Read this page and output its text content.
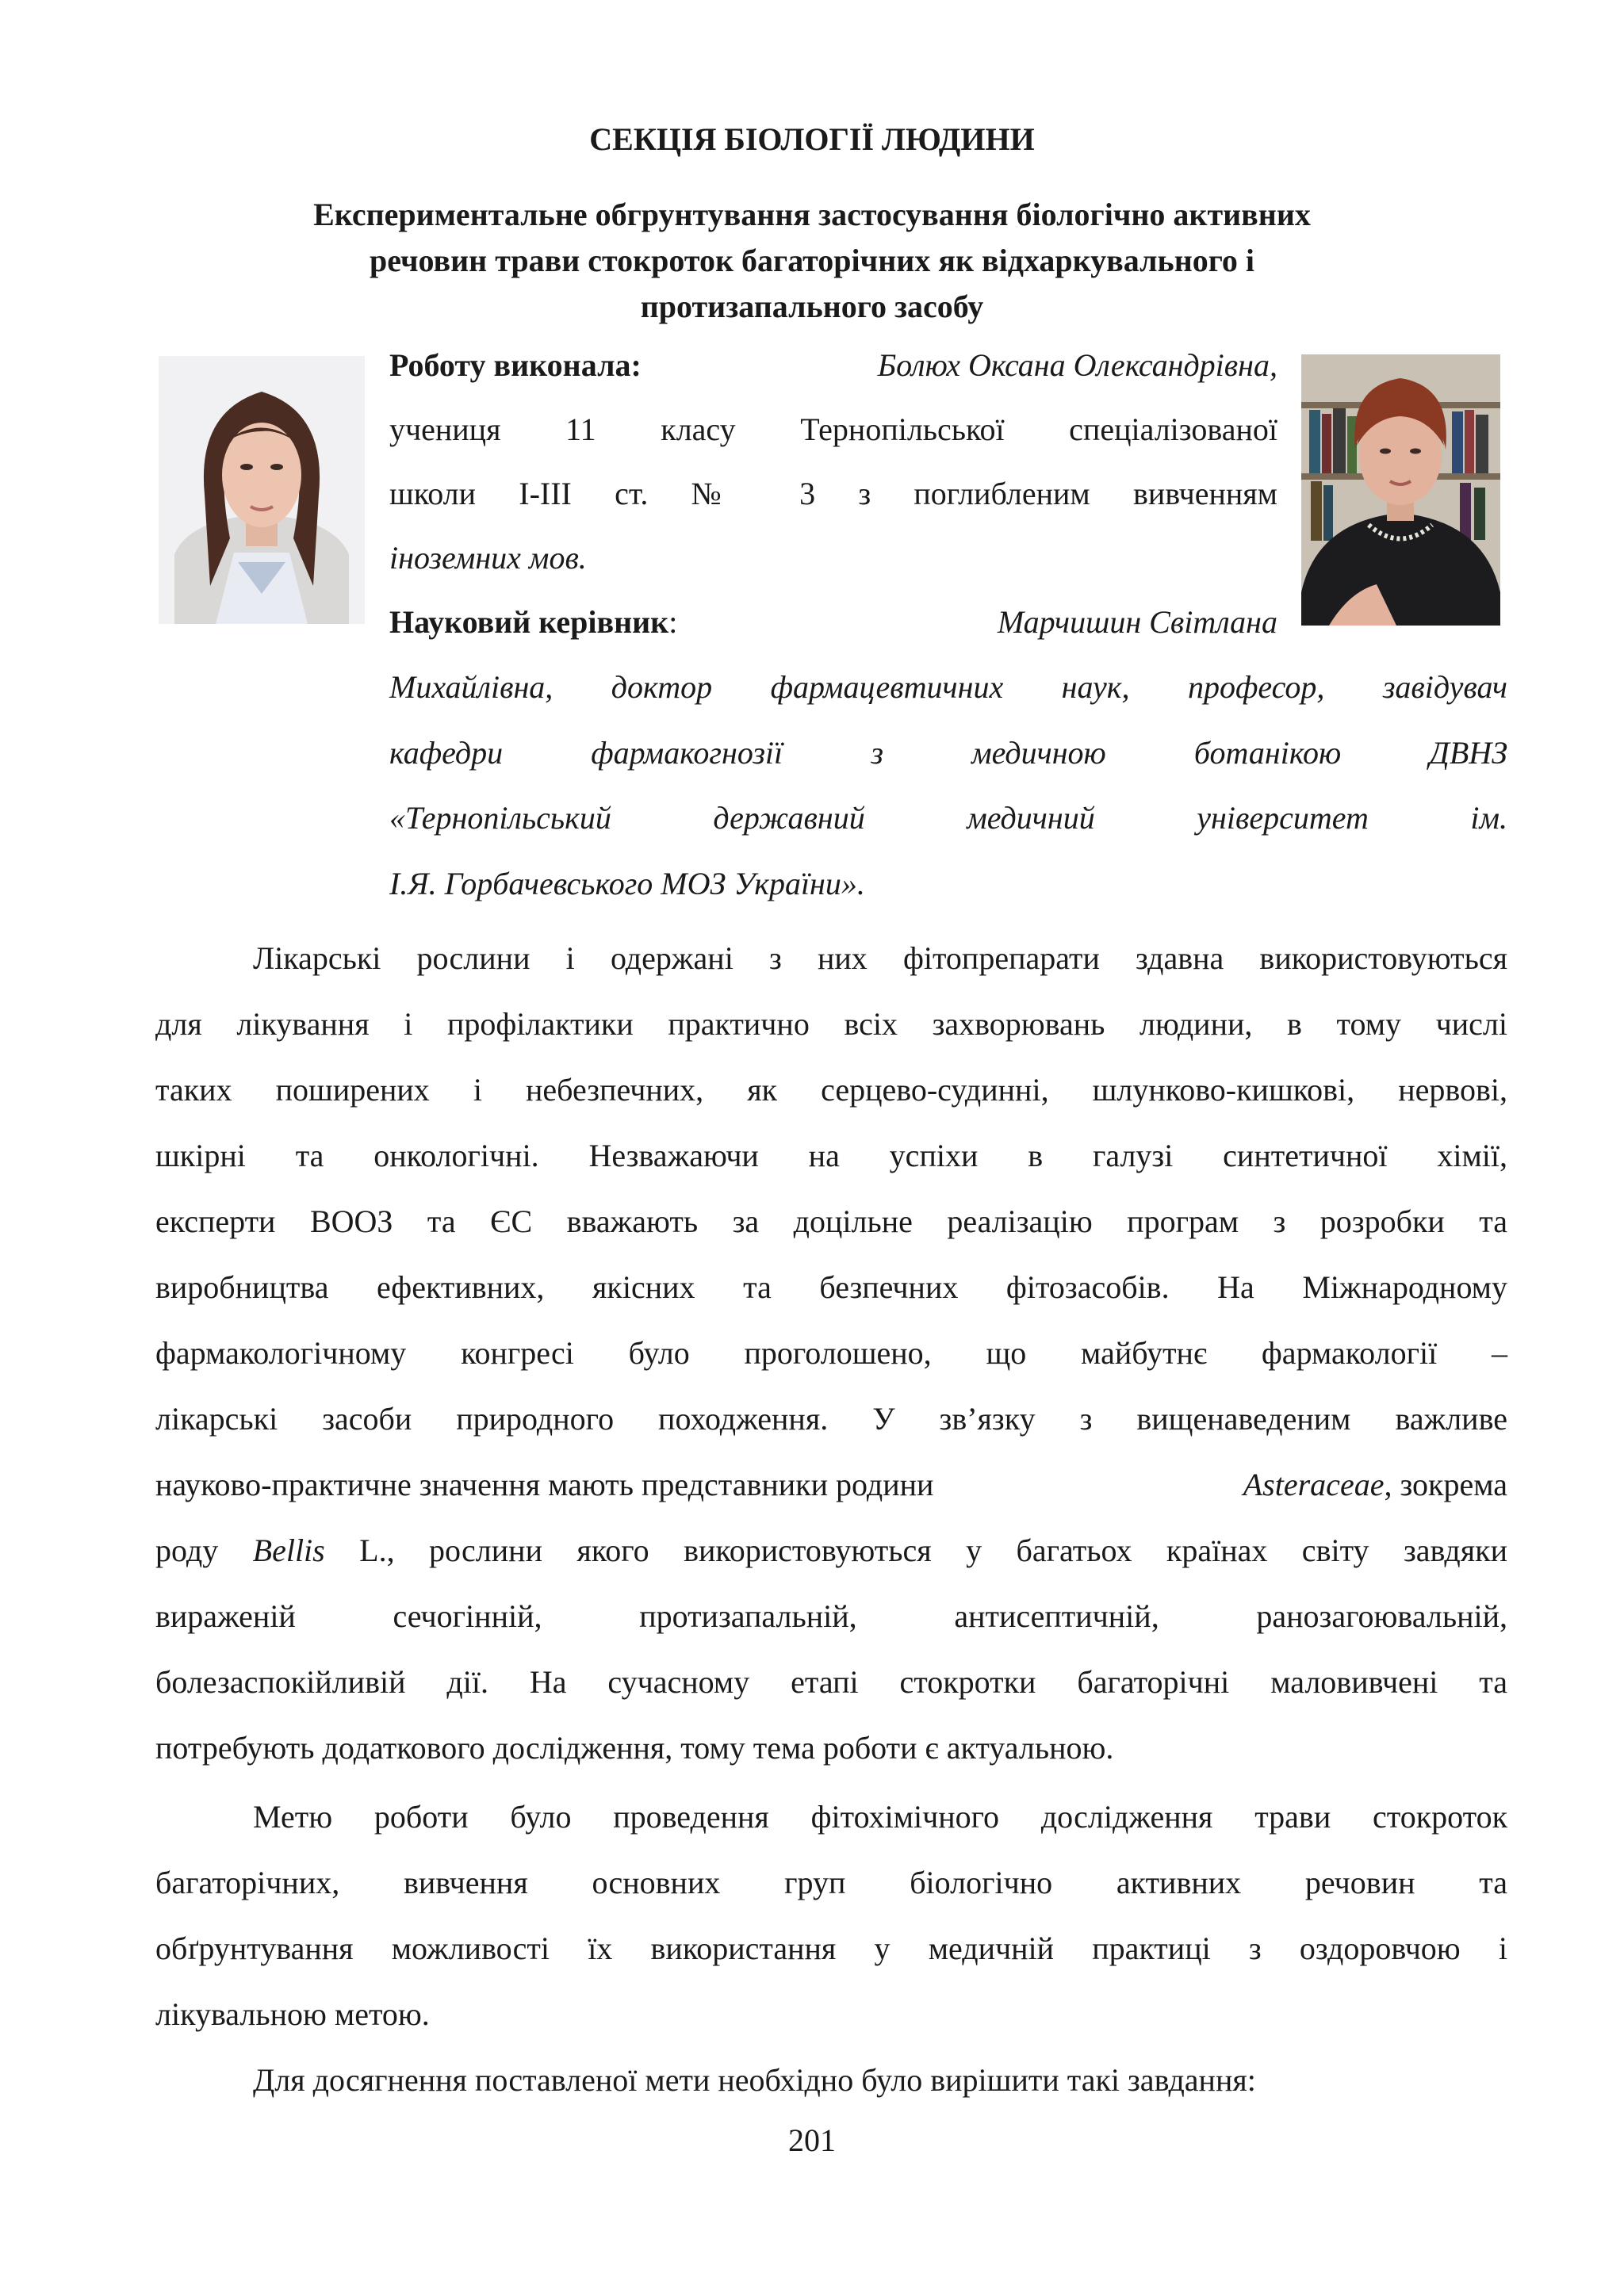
СЕКЦІЯ БІОЛОГІЇ ЛЮДИНИ
Експериментальне обгрунтування застосування біологічно активних
речовин трави стокроток багаторічних як відхаркувального і
протизапального засобу
Роботу виконала:	Болюх Оксана Олександрівна,
учениця 11 класу Тернопільської спеціалізованої
школи І-ІІІ ст. № 3 з поглибленим вивченням
іноземних мов.
Науковий керівник:	Марчишин Світлана
Михайлівна, доктор фармацевтичних наук, професор, завідувач
кафедри фармакогнозії з медичною ботанікою ДВНЗ
«Тернопільський державний медичний університет ім.
І.Я. Горбачевського МОЗ України».
Лікарські рослини і одержані з них фітопрепарати здавна використовуються
для лікування і профілактики практично всіх захворювань людини, в тому числі
таких поширених і небезпечних, як серцево-судинні, шлунково-кишкові, нервові,
шкірні та онкологічні. Незважаючи на успіхи в галузі синтетичної хімії,
експерти ВООЗ та ЄС вважають за доцільне реалізацію програм з розробки та
виробництва ефективних, якісних та безпечних фітозасобів. На Міжнародному
фармакологічному конгресі було проголошено, що майбутнє фармакології –
лікарські засоби природного походження. У зв’язку з вищенаведеним важливе
науково-практичне значення мають представники родини	Asteraceae, зокрема
роду Bellis L., рослини якого використовуються у багатьох країнах світу завдяки
вираженій сечогінній, протизапальній, антисептичній, ранозагоювальній,
болезаспокійливій дії. На сучасному етапі стокротки багаторічні маловивчені та
потребують додаткового дослідження, тому тема роботи є актуальною.
Метю роботи було проведення фітохімічного дослідження трави стокроток
багаторічних, вивчення основних груп біологічно активних речовин та
обґрунтування можливості їх використання у медичній практиці з оздоровчою і
лікувальною метою.
Для досягнення поставленої мети необхідно було вирішити такі завдання:
201
